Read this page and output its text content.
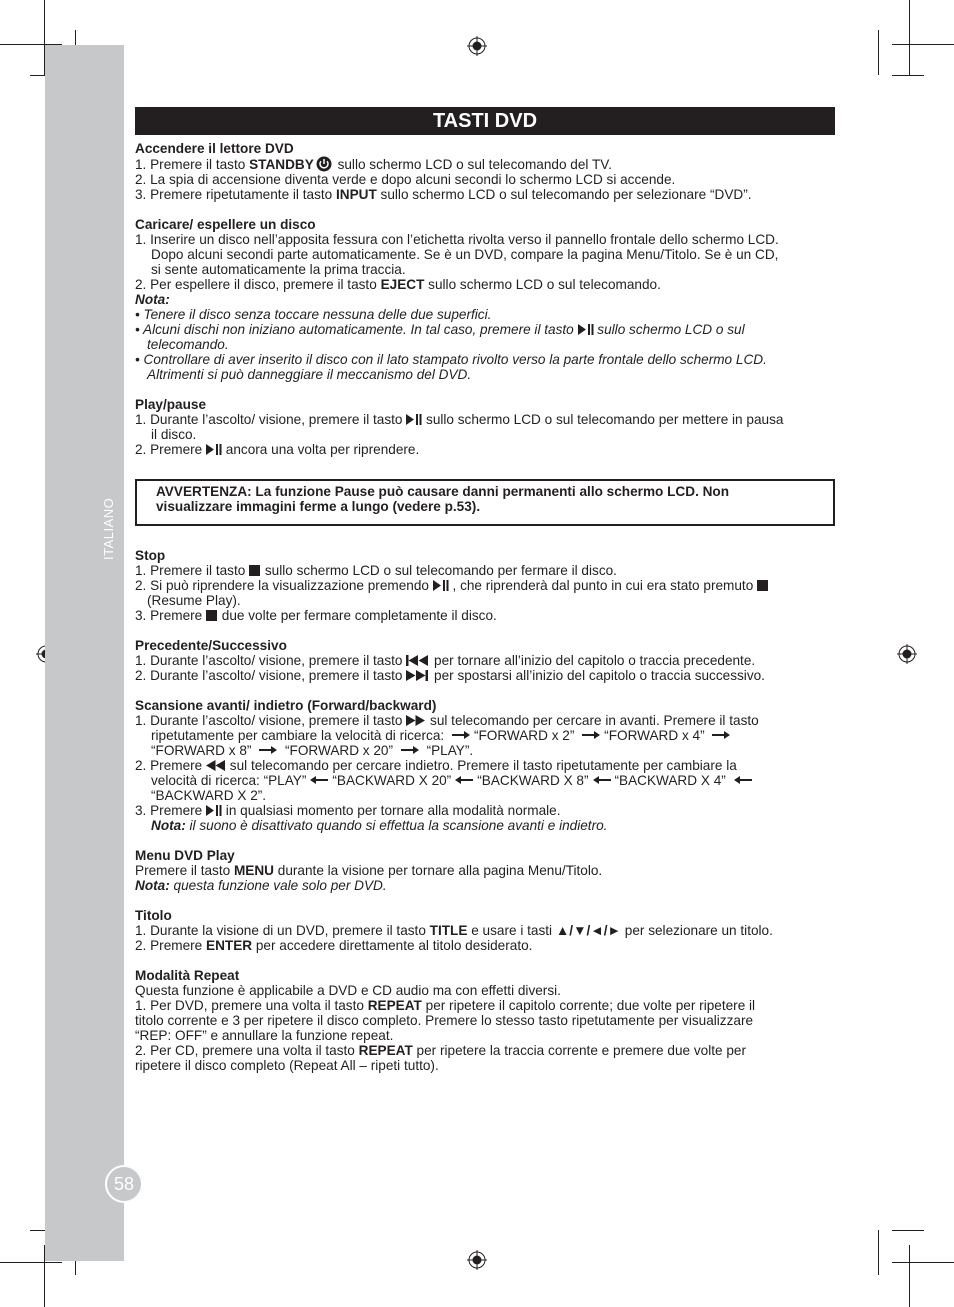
ITALIANO
58
TASTI DVD

Accendere il lettore DVD

1. Premere il tasto STANDBY sullo schermo LCD o sul telecomando del TV.

2. La spia di accensione diventa verde e dopo alcuni secondi lo schermo LCD si accende.

3. Premere ripetutamente il tasto INPUT sullo schermo LCD o sul telecomando per selezionare “DVD”.

Caricare/ espellere un disco

1. Inserire un disco nell’apposita fessura con l’etichetta rivolta verso il pannello frontale dello schermo LCD.

Dopo alcuni secondi parte automaticamente. Se è un DVD, compare la pagina Menu/Titolo. Se è un CD,

si sente automaticamente la prima traccia.

2. Per espellere il disco, premere il tasto EJECT sullo schermo LCD o sul telecomando.

Nota:

• Tenere il disco senza toccare nessuna delle due superfici.

• Alcuni dischi non iniziano automaticamente. In tal caso, premere il tasto  sullo schermo LCD o sul

telecomando.

• Controllare di aver inserito il disco con il lato stampato rivolto verso la parte frontale dello schermo LCD.

Altrimenti si può danneggiare il meccanismo del DVD.

Play/pause

1. Durante l’ascolto/ visione, premere il tasto  sullo schermo LCD o sul telecomando per mettere in pausa

il disco.

2. Premere  ancora una volta per riprendere.

AVVERTENZA: La funzione Pause può causare danni permanenti allo schermo LCD. Non

visualizzare immagini ferme a lungo (vedere p.53).

Stop

1. Premere il tasto  sullo schermo LCD o sul telecomando per fermare il disco.

2. Si può riprendere la visualizzazione premendo  , che riprenderà dal punto in cui era stato premuto

(Resume Play).

3. Premere  due volte per fermare completamente il disco.

Precedente/Successivo

1. Durante l’ascolto/ visione, premere il tasto  per tornare all’inizio del capitolo o traccia precedente.

2. Durante l’ascolto/ visione, premere il tasto  per spostarsi all’inizio del capitolo o traccia successivo.

Scansione avanti/ indietro (Forward/backward)

1. Durante l’ascolto/ visione, premere il tasto  sul telecomando per cercare in avanti. Premere il tasto

ripetutamente per cambiare la velocità di ricerca: “FORWARD x 2” “FORWARD x 4”

“FORWARD x 8” “FORWARD x 20” “PLAY”.

2. Premere  sul telecomando per cercare indietro. Premere il tasto ripetutamente per cambiare la

velocità di ricerca: “PLAY” “BACKWARD X 20” “BACKWARD X 8” “BACKWARD X 4”

“BACKWARD X 2”.

3. Premere  in qualsiasi momento per tornare alla modalità normale.

Nota: il suono è disattivato quando si effettua la scansione avanti e indietro.

Menu DVD Play

Premere il tasto MENU durante la visione per tornare alla pagina Menu/Titolo.

Nota: questa funzione vale solo per DVD.

Titolo

1. Durante la visione di un DVD, premere il tasto TITLE e usare i tasti ▲/▼/◄/► per selezionare un titolo.

2. Premere ENTER per accedere direttamente al titolo desiderato.

Modalità Repeat

Questa funzione è applicabile a DVD e CD audio ma con effetti diversi.

1. Per DVD, premere una volta il tasto REPEAT per ripetere il capitolo corrente; due volte per ripetere il

titolo corrente e 3 per ripetere il disco completo. Premere lo stesso tasto ripetutamente per visualizzare

“REP: OFF” e annullare la funzione repeat.

2. Per CD, premere una volta il tasto REPEAT per ripetere la traccia corrente e premere due volte per

ripetere il disco completo (Repeat All – ripeti tutto).
